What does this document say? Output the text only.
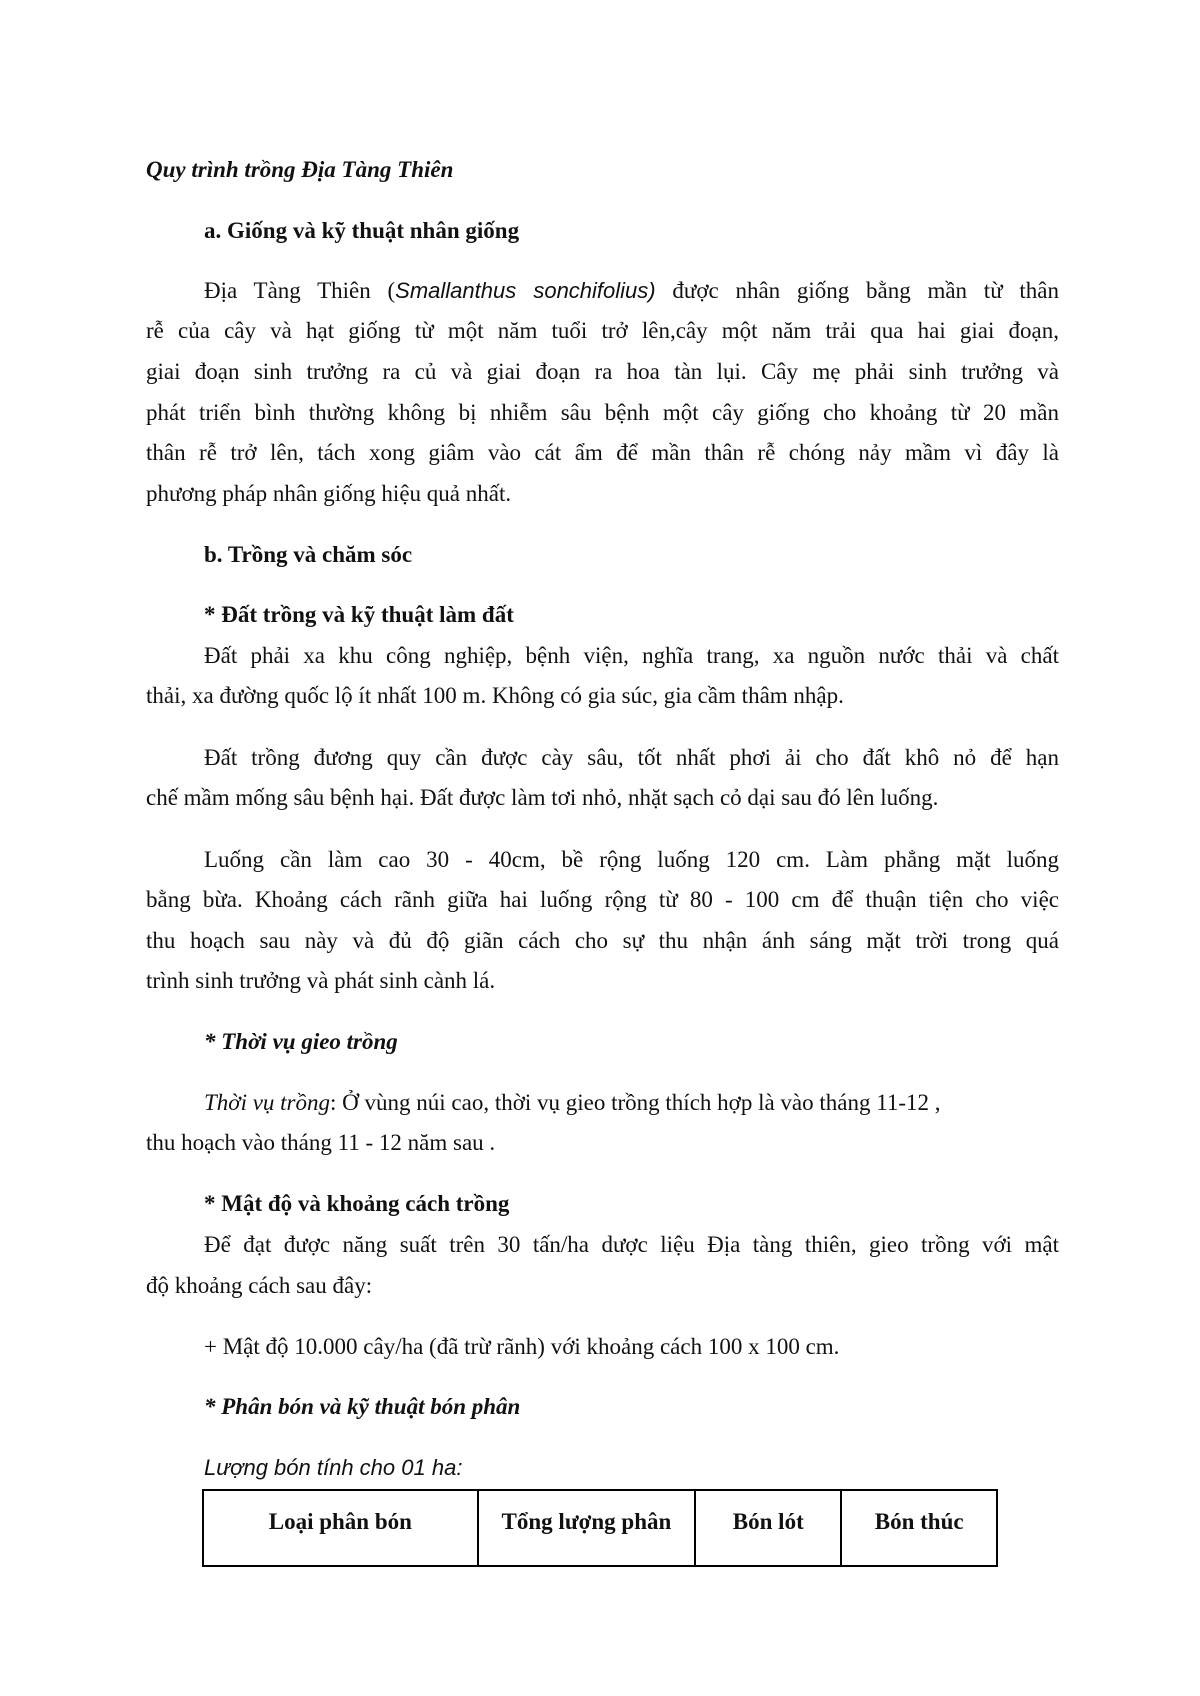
Quy trình trồng Địa Tàng Thiên

a. Giống và kỹ thuật nhân giống

Địa Tàng Thiên (Smallanthus sonchifolius) được nhân giống bằng mần từ thân

rễ của cây và hạt giống từ một năm tuổi trở lên,cây một năm trải qua hai giai đoạn,

giai đoạn sinh trưởng ra củ và giai đoạn ra hoa tàn lụi. Cây mẹ phải sinh trưởng và

phát triển bình thường không bị nhiễm sâu bệnh một cây giống cho khoảng từ 20 mần

thân rễ trở lên, tách xong giâm vào cát ẩm để mần thân rễ chóng nảy mầm vì đây là

phương pháp nhân giống hiệu quả nhất.

b. Trồng và chăm sóc

* Đất trồng và kỹ thuật làm đất

Đất phải xa khu công nghiệp, bệnh viện, nghĩa trang, xa nguồn nước thải và chất

thải, xa đường quốc lộ ít nhất 100 m. Không có gia súc, gia cầm thâm nhập.

Đất trồng đương quy cần được cày sâu, tốt nhất phơi ải cho đất khô nỏ để hạn

chế mầm mống sâu bệnh hại. Đất được làm tơi nhỏ, nhặt sạch cỏ dại sau đó lên luống.

Luống cần làm cao 30 - 40cm, bề rộng luống 120 cm. Làm phẳng mặt luống

bằng bừa. Khoảng cách rãnh giữa hai luống rộng từ 80 - 100 cm để thuận tiện cho việc

thu hoạch sau này và đủ độ giãn cách cho sự thu nhận ánh sáng mặt trời trong quá

trình sinh trưởng và phát sinh cành lá.

* Thời vụ gieo trồng

Thời vụ trồng: Ở vùng núi cao, thời vụ gieo trồng thích hợp là vào tháng 11-12 ,

thu hoạch vào tháng 11 - 12 năm sau .

* Mật độ và khoảng cách trồng

Để đạt được năng suất trên 30 tấn/ha dược liệu Địa tàng thiên, gieo trồng với mật

độ khoảng cách sau đây:

+ Mật độ 10.000 cây/ha (đã trừ rãnh) với khoảng cách 100 x 100 cm.

* Phân bón và kỹ thuật bón phân

Lượng bón tính cho 01 ha:

Loại phân bón	Tổng lượng phân	Bón lót	Bón thúc
